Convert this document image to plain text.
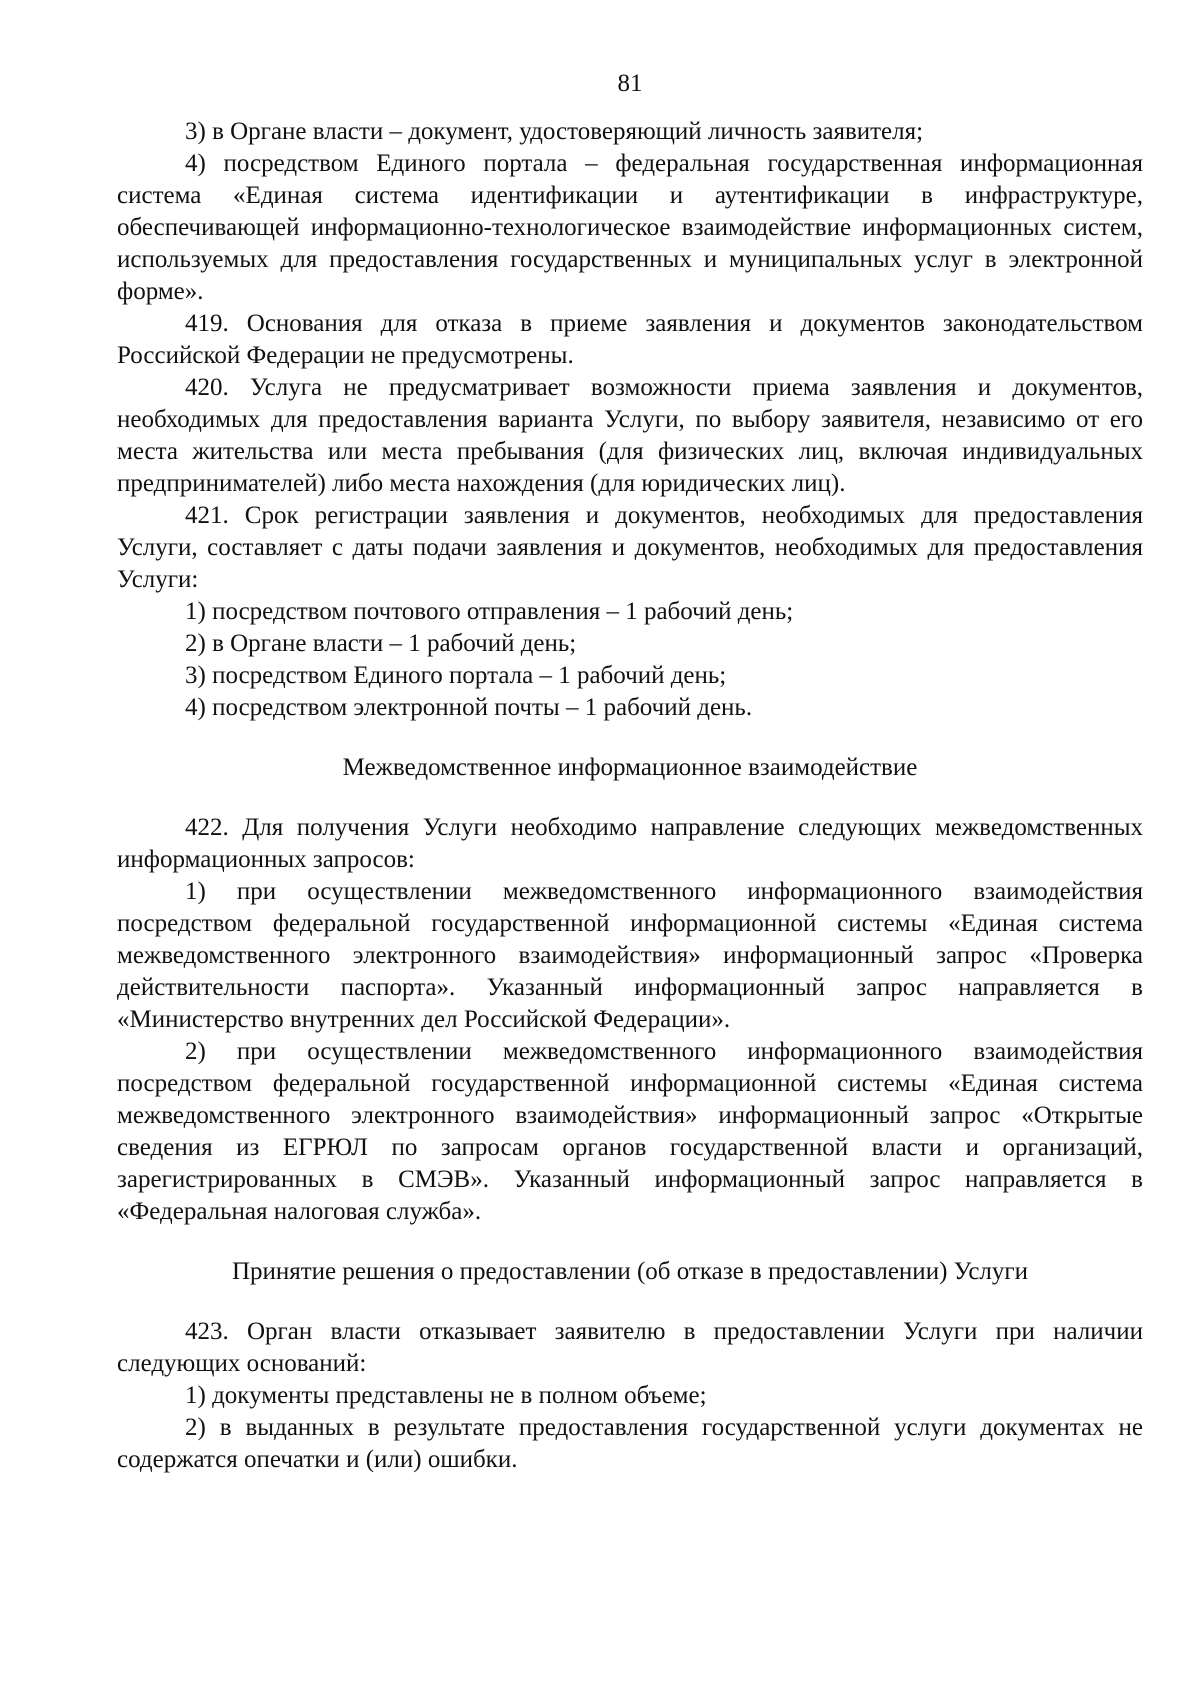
81

3) в Органе власти – документ, удостоверяющий личность заявителя;

4) посредством Единого портала – федеральная государственная информационная система «Единая система идентификации и аутентификации в инфраструктуре, обеспечивающей информационно-технологическое взаимодействие информационных систем, используемых для предоставления государственных и муниципальных услуг в электронной форме».

419. Основания для отказа в приеме заявления и документов законодательством Российской Федерации не предусмотрены.

420. Услуга не предусматривает возможности приема заявления и документов, необходимых для предоставления варианта Услуги, по выбору заявителя, независимо от его места жительства или места пребывания (для физических лиц, включая индивидуальных предпринимателей) либо места нахождения (для юридических лиц).

421. Срок регистрации заявления и документов, необходимых для предоставления Услуги, составляет с даты подачи заявления и документов, необходимых для предоставления Услуги:

1) посредством почтового отправления – 1 рабочий день;

2) в Органе власти – 1 рабочий день;

3) посредством Единого портала – 1 рабочий день;

4) посредством электронной почты – 1 рабочий день.

Межведомственное информационное взаимодействие

422. Для получения Услуги необходимо направление следующих межведомственных информационных запросов:

1) при осуществлении межведомственного информационного взаимодействия посредством федеральной государственной информационной системы «Единая система межведомственного электронного взаимодействия» информационный запрос «Проверка действительности паспорта». Указанный информационный запрос направляется в «Министерство внутренних дел Российской Федерации».

2) при осуществлении межведомственного информационного взаимодействия посредством федеральной государственной информационной системы «Единая система межведомственного электронного взаимодействия» информационный запрос «Открытые сведения из ЕГРЮЛ по запросам органов государственной власти и организаций, зарегистрированных в СМЭВ». Указанный информационный запрос направляется в «Федеральная налоговая служба».

Принятие решения о предоставлении (об отказе в предоставлении) Услуги

423. Орган власти отказывает заявителю в предоставлении Услуги при наличии следующих оснований:

1) документы представлены не в полном объеме;

2) в выданных в результате предоставления государственной услуги документах не содержатся опечатки и (или) ошибки.
